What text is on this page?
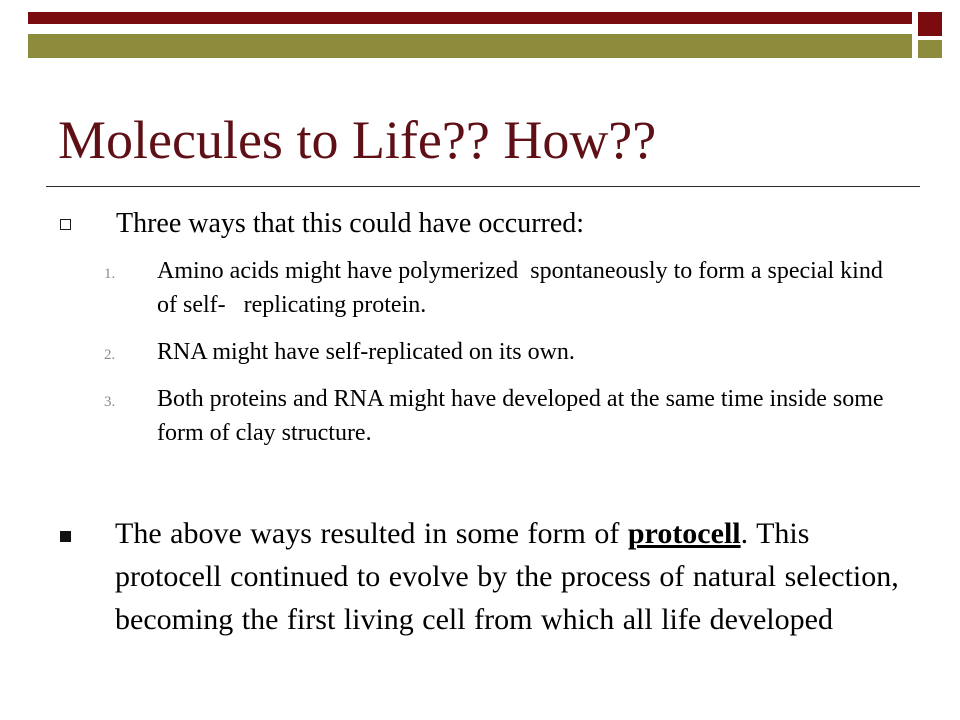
Molecules to Life?? How??
Three ways that this could have occurred:
1.	Amino acids might have polymerized  spontaneously to form a special kind of self-   replicating protein.
2.	RNA might have self-replicated on its own.
3.	Both proteins and RNA might have developed at the same time inside some form of clay structure.
The above ways resulted in some form of protocell. This protocell continued to evolve by the process of natural selection, becoming the first living cell from which all life developed
